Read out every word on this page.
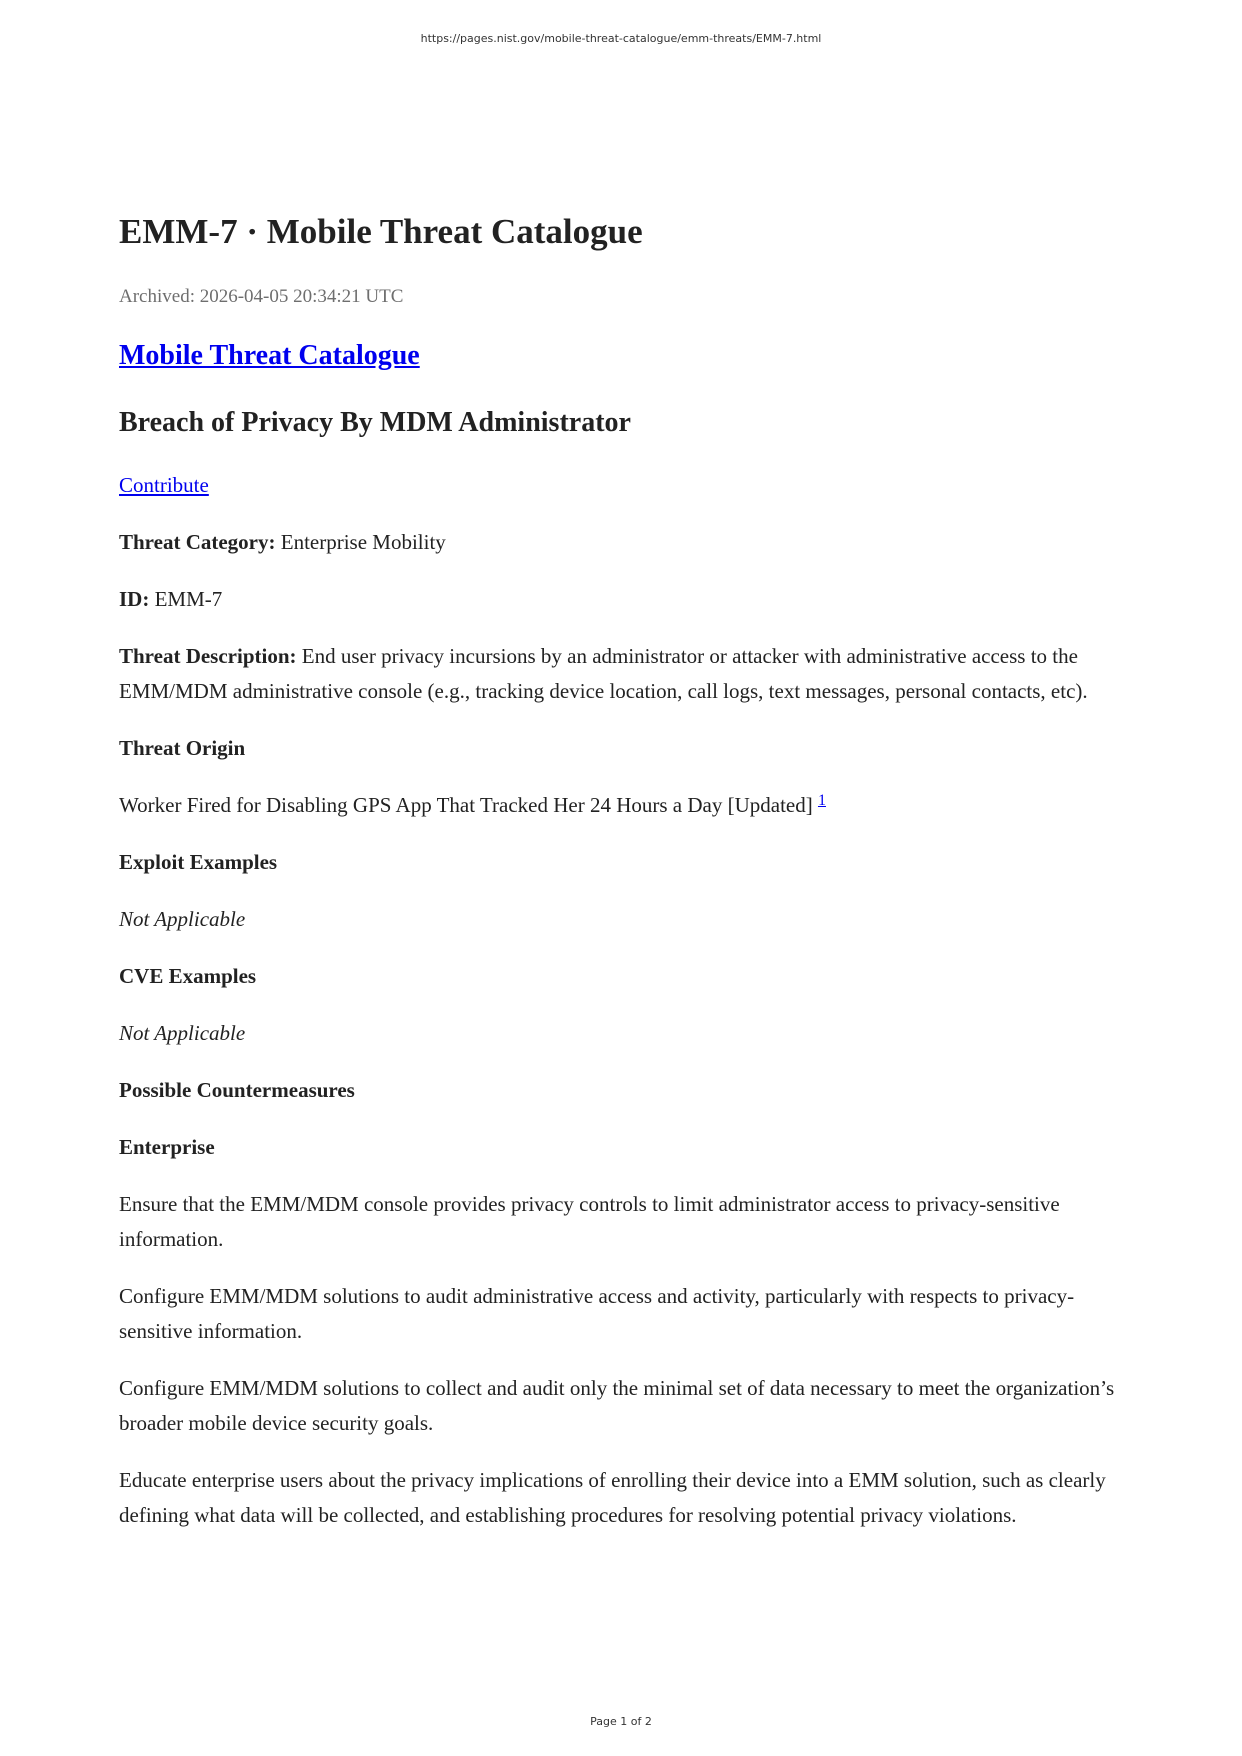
https://pages.nist.gov/mobile-threat-catalogue/emm-threats/EMM-7.html
EMM-7 · Mobile Threat Catalogue
Archived: 2026-04-05 20:34:21 UTC
Mobile Threat Catalogue
Breach of Privacy By MDM Administrator
Contribute

Threat Category: Enterprise Mobility

ID: EMM-7

Threat Description: End user privacy incursions by an administrator or attacker with administrative access to the EMM/MDM administrative console (e.g., tracking device location, call logs, text messages, personal contacts, etc).

Threat Origin

Worker Fired for Disabling GPS App That Tracked Her 24 Hours a Day [Updated] $^1$

Exploit Examples

Not Applicable

CVE Examples

Not Applicable

Possible Countermeasures

Enterprise

Ensure that the EMM/MDM console provides privacy controls to limit administrator access to privacy-sensitive information.

Configure EMM/MDM solutions to audit administrative access and activity, particularly with respects to privacy-sensitive information.

Configure EMM/MDM solutions to collect and audit only the minimal set of data necessary to meet the organization’s broader mobile device security goals.

Educate enterprise users about the privacy implications of enrolling their device into a EMM solution, such as clearly defining what data will be collected, and establishing procedures for resolving potential privacy violations.

Page 1 of 2
